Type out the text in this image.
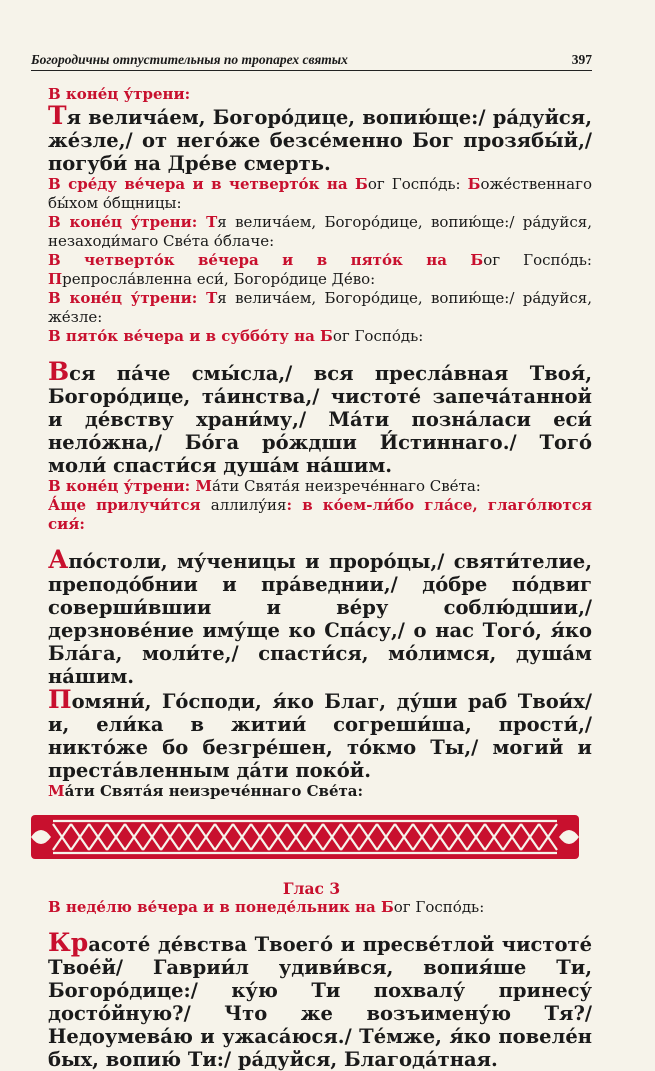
Богородичны отпустительныя по тропарех святых	397

В коне́ц у́трени:

Тя велича́ем, Богоро́дице, вопию́ще:/ ра́дуйся, же́зле,/ от него́же безсе́менно Бог прозябы́й,/ погуби́ на Дре́ве смерть.

В сре́ду ве́чера и в четверто́к на Бог Госпо́дь: Боже́ственнаго бы́хом о́бщницы:

В коне́ц у́трени: Тя велича́ем, Богоро́дице, вопию́ще:/ ра́дуйся, незаходи́маго Све́та о́блаче:

В четверто́к ве́чера и в пято́к на Бог Госпо́дь: Препросла́вленна еси́, Богоро́дице Де́во:

В коне́ц у́трени: Тя велича́ем, Богоро́дице, вопию́ще:/ ра́дуйся, же́зле:

В пято́к ве́чера и в суббо́ту на Бог Госпо́дь:

Вся па́че смы́сла,/ вся пресла́вная Твоя́, Богоро́дице, та́инства,/ чистоте́ запеча́танной и де́вству храни́му,/ Ма́ти позна́ласи еси́ нело́жна,/ Бо́га ро́ждши И́стиннаго./ Того́ моли́ спасти́ся душа́м на́шим.

В коне́ц у́трени: Ма́ти Свята́я неизрече́ннаго Све́та:

А́ще прилучи́тся аллилу́ия: в ко́ем-ли́бо гла́се, глаго́лются сия́:

Апо́столи, му́ченицы и проро́цы,/ святи́телие, преподо́бнии и пра́веднии,/ до́бре по́двиг соверши́вшии и ве́ру соблю́дшии,/ дерзнове́ние иму́ще ко Спа́су,/ о нас Того́, я́ко Бла́га, моли́те,/ спасти́ся, мо́лимся, душа́м на́шим.

Помяни́, Го́споди, я́ко Благ, ду́ши раб Твои́х/ и, ели́ка в житии́ согреши́ша, прости́,/ никто́же бо безгре́шен, то́кмо Ты,/ могий и преста́вленным да́ти поко́й.

Ма́ти Свята́я неизрече́ннаго Све́та:

Глас 3

В неде́лю ве́чера и в понеде́льник на Бог Госпо́дь:

Красоте́ де́вства Твоего́ и пресве́тлой чистоте́ Твое́й/ Гаврии́л удиви́вся, вопия́ше Ти, Богоро́дице:/ ку́ю Ти похвалу́ принесу́ досто́йную?/ Что же возъимену́ю Тя?/ Недоумева́ю и ужаса́юся./ Те́мже, я́ко повеле́н бых, вопию́ Ти:/ ра́дуйся, Благода́тная.
